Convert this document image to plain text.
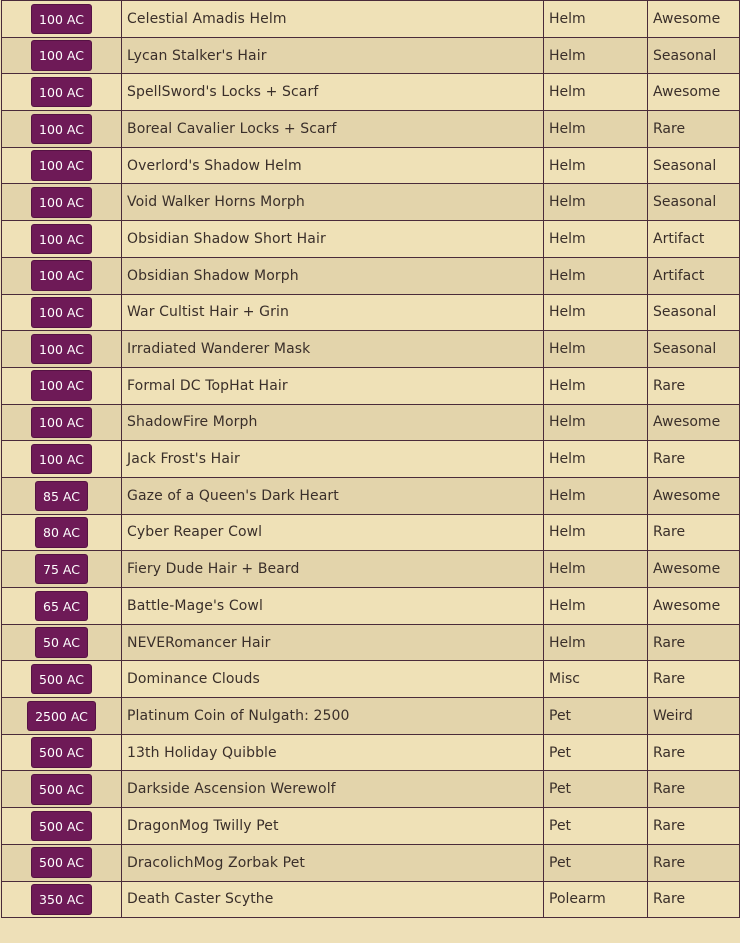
100 AC	Celestial Amadis Helm	Helm	Awesome
100 AC	Lycan Stalker's Hair	Helm	Seasonal
100 AC	SpellSword's Locks + Scarf	Helm	Awesome
100 AC	Boreal Cavalier Locks + Scarf	Helm	Rare
100 AC	Overlord's Shadow Helm	Helm	Seasonal
100 AC	Void Walker Horns Morph	Helm	Seasonal
100 AC	Obsidian Shadow Short Hair	Helm	Artifact
100 AC	Obsidian Shadow Morph	Helm	Artifact
100 AC	War Cultist Hair + Grin	Helm	Seasonal
100 AC	Irradiated Wanderer Mask	Helm	Seasonal
100 AC	Formal DC TopHat Hair	Helm	Rare
100 AC	ShadowFire Morph	Helm	Awesome
100 AC	Jack Frost's Hair	Helm	Rare
85 AC	Gaze of a Queen's Dark Heart	Helm	Awesome
80 AC	Cyber Reaper Cowl	Helm	Rare
75 AC	Fiery Dude Hair + Beard	Helm	Awesome
65 AC	Battle-Mage's Cowl	Helm	Awesome
50 AC	NEVERomancer Hair	Helm	Rare
500 AC	Dominance Clouds	Misc	Rare
2500 AC	Platinum Coin of Nulgath: 2500	Pet	Weird
500 AC	13th Holiday Quibble	Pet	Rare
500 AC	Darkside Ascension Werewolf	Pet	Rare
500 AC	DragonMog Twilly Pet	Pet	Rare
500 AC	DracolichMog Zorbak Pet	Pet	Rare
350 AC	Death Caster Scythe	Polearm	Rare
